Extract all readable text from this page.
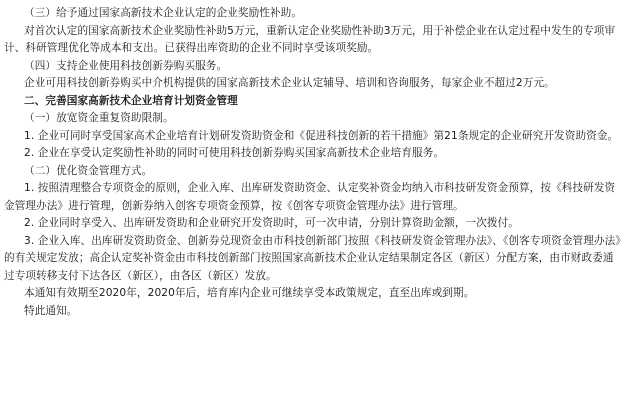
（三）给予通过国家高新技术企业认定的企业奖励性补助。

对首次认定的国家高新技术企业奖励性补助5万元，重新认定企业奖励性补助3万元，用于补偿企业在认定过程中发生的专项审计、科研管理优化等成本和支出。已获得出库资助的企业不同时享受该项奖励。

（四）支持企业使用科技创新券购买服务。

企业可用科技创新券购买中介机构提供的国家高新技术企业认定辅导、培训和咨询服务，每家企业不超过2万元。

二、完善国家高新技术企业培育计划资金管理

（一）放宽资金重复资助限制。

1. 企业可同时享受国家高术企业培育计划研发资助资金和《促进科技创新的若干措施》第21条规定的企业研究开发资助资金。

2. 企业在享受认定奖励性补助的同时可使用科技创新券购买国家高新技术企业培育服务。

（二）优化资金管理方式。

1. 按照清理整合专项资金的原则，企业入库、出库研发资助资金、认定奖补资金均纳入市科技研发资金预算，按《科技研发资金管理办法》进行管理，创新券纳入创客专项资金预算，按《创客专项资金管理办法》进行管理。

2. 企业同时享受入、出库研发资助和企业研究开发资助时，可一次申请，分别计算资助金额，一次拨付。

3. 企业入库、出库研发资助资金、创新券兑现资金由市科技创新部门按照《科技研发资金管理办法》、《创客专项资金管理办法》的有关规定发放；高企认定奖补资金由市科技创新部门按照国家高新技术企业认定结果制定各区（新区）分配方案，由市财政委通过专项转移支付下达各区（新区），由各区（新区）发放。

本通知有效期至2020年，2020年后，培育库内企业可继续享受本政策规定，直至出库或到期。

特此通知。
